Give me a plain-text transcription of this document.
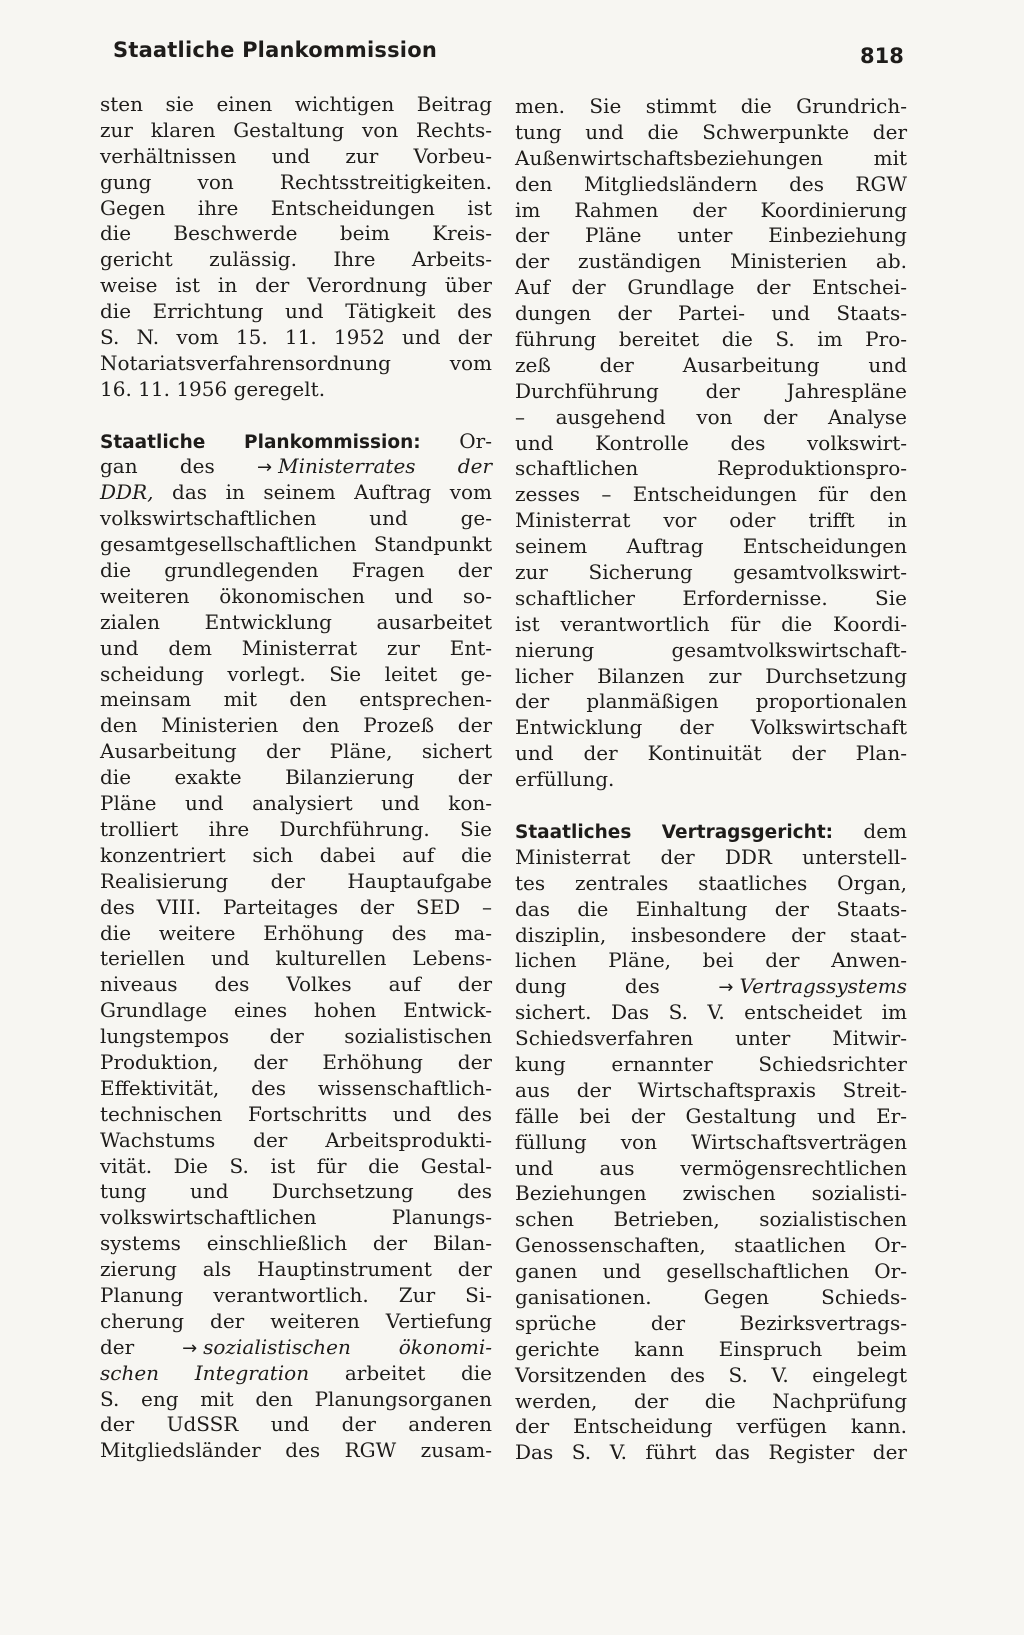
Staatliche Plankommission	818
sten sie einen wichtigen Beitrag
zur klaren Gestaltung von Rechts-
verhältnissen und zur Vorbeu-
gung von Rechtsstreitigkeiten.
Gegen ihre Entscheidungen ist
die Beschwerde beim Kreis-
gericht zulässig. Ihre Arbeits-
weise ist in der Verordnung über
die Errichtung und Tätigkeit des
S. N. vom 15. 11. 1952 und der
Notariatsverfahrensordnung vom
16. 11. 1956 geregelt.
Staatliche Plankommission: Or-
gan des → Ministerrates der
DDR, das in seinem Auftrag vom
volkswirtschaftlichen und ge-
gesamtgesellschaftlichen Standpunkt
die grundlegenden Fragen der
weiteren ökonomischen und so-
zialen Entwicklung ausarbeitet
und dem Ministerrat zur Ent-
scheidung vorlegt. Sie leitet ge-
meinsam mit den entsprechen-
den Ministerien den Prozeß der
Ausarbeitung der Pläne, sichert
die exakte Bilanzierung der
Pläne und analysiert und kon-
trolliert ihre Durchführung. Sie
konzentriert sich dabei auf die
Realisierung der Hauptaufgabe
des VIII. Parteitages der SED –
die weitere Erhöhung des ma-
teriellen und kulturellen Lebens-
niveaus des Volkes auf der
Grundlage eines hohen Entwick-
lungstempos der sozialistischen
Produktion, der Erhöhung der
Effektivität, des wissenschaftlich-
technischen Fortschritts und des
Wachstums der Arbeitsprodukti-
vität. Die S. ist für die Gestal-
tung und Durchsetzung des
volkswirtschaftlichen Planungs-
systems einschließlich der Bilan-
zierung als Hauptinstrument der
Planung verantwortlich. Zur Si-
cherung der weiteren Vertiefung
der	→ sozialistischen ökonomi-
schen Integration arbeitet die
S. eng mit den Planungsorganen
der UdSSR und der anderen
Mitgliedsländer des RGW zusam-
men. Sie stimmt die Grundrich-
tung und die Schwerpunkte der
Außenwirtschaftsbeziehungen mit
den Mitgliedsländern des RGW
im Rahmen der Koordinierung
der Pläne unter Einbeziehung
der zuständigen Ministerien ab.
Auf der Grundlage der Entschei-
dungen der Partei- und Staats-
führung bereitet die S. im Pro-
zeß der Ausarbeitung und
Durchführung der Jahrespläne
– ausgehend von der Analyse
und Kontrolle des volkswirt-
schaftlichen Reproduktionspro-
zesses – Entscheidungen für den
Ministerrat vor oder trifft in
seinem Auftrag Entscheidungen
zur Sicherung gesamtvolkswirt-
schaftlicher Erfordernisse. Sie
ist verantwortlich für die Koordi-
nierung gesamtvolkswirtschaft-
licher Bilanzen zur Durchsetzung
der planmäßigen proportionalen
Entwicklung der Volkswirtschaft
und der Kontinuität der Plan-
erfüllung.
Staatliches Vertragsgericht: dem
Ministerrat der DDR unterstell-
tes zentrales staatliches Organ,
das die Einhaltung der Staats-
disziplin, insbesondere der staat-
lichen Pläne, bei der Anwen-
dung des	→ Vertragssystems
sichert. Das S. V. entscheidet im
Schiedsverfahren unter Mitwir-
kung ernannter Schiedsrichter
aus der Wirtschaftspraxis Streit-
fälle bei der Gestaltung und Er-
füllung von Wirtschaftsverträgen
und aus vermögensrechtlichen
Beziehungen zwischen sozialisti-
schen Betrieben, sozialistischen
Genossenschaften, staatlichen Or-
ganen und gesellschaftlichen Or-
ganisationen. Gegen Schieds-
sprüche der Bezirksvertrags-
gerichte kann Einspruch beim
Vorsitzenden des S. V. eingelegt
werden, der die Nachprüfung
der Entscheidung verfügen kann.
Das S. V. führt das Register der
